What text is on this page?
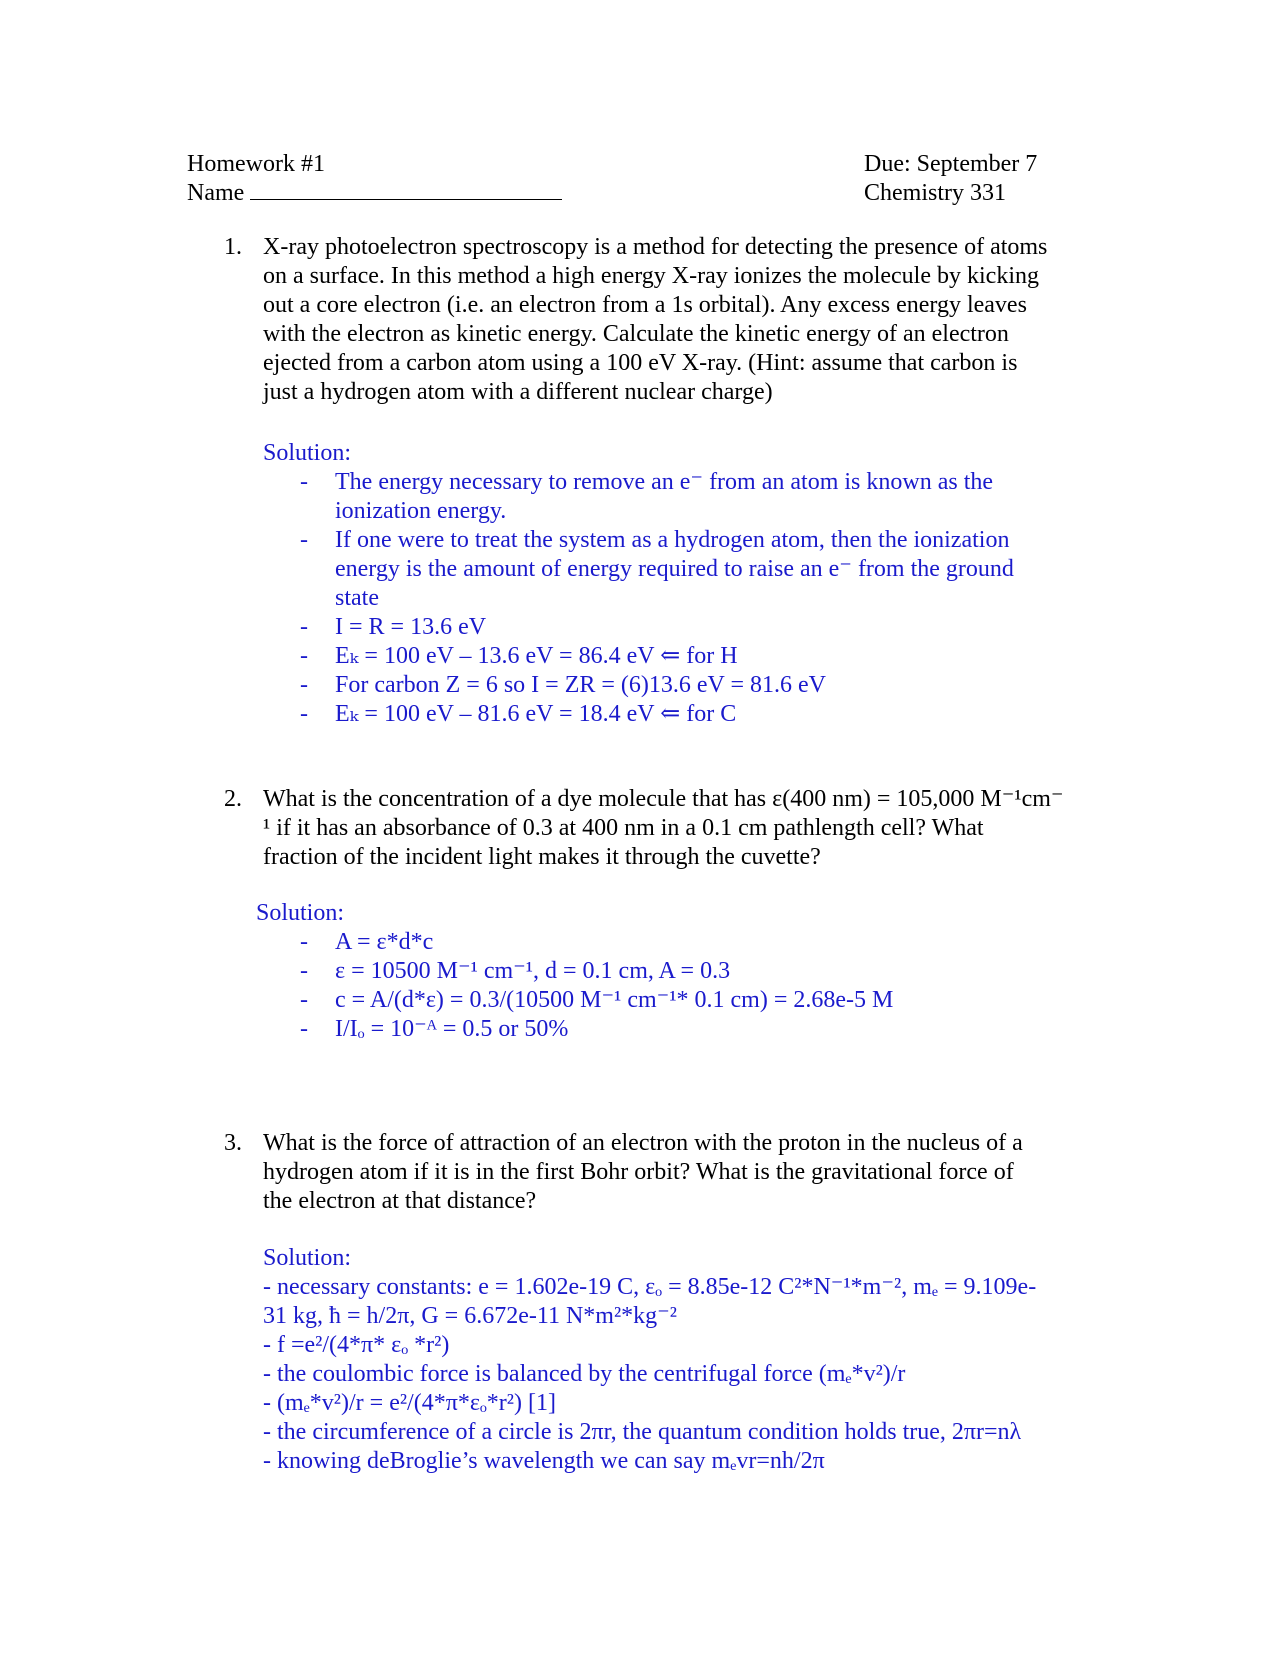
Homework #1
Name
Due: September 7
Chemistry 331
1. X-ray photoelectron spectroscopy is a method for detecting the presence of atoms
on a surface. In this method a high energy X-ray ionizes the molecule by kicking
out a core electron (i.e. an electron from a 1s orbital). Any excess energy leaves
with the electron as kinetic energy. Calculate the kinetic energy of an electron
ejected from a carbon atom using a 100 eV X-ray. (Hint: assume that carbon is
just a hydrogen atom with a different nuclear charge)
Solution:
- The energy necessary to remove an e⁻ from an atom is known as the
ionization energy.
- If one were to treat the system as a hydrogen atom, then the ionization
energy is the amount of energy required to raise an e⁻ from the ground
state
- I = R = 13.6 eV
- Eₖ = 100 eV – 13.6 eV = 86.4 eV ⇐ for H
- For carbon Z = 6 so I = ZR = (6)13.6 eV = 81.6 eV
- Eₖ = 100 eV – 81.6 eV = 18.4 eV ⇐ for C
2. What is the concentration of a dye molecule that has ε(400 nm) = 105,000 M⁻¹cm⁻
¹ if it has an absorbance of 0.3 at 400 nm in a 0.1 cm pathlength cell? What
fraction of the incident light makes it through the cuvette?
Solution:
- A = ε*d*c
- ε = 10500 M⁻¹ cm⁻¹, d = 0.1 cm, A = 0.3
- c = A/(d*ε) = 0.3/(10500 M⁻¹ cm⁻¹* 0.1 cm) = 2.68e-5 M
- I/Iₒ = 10⁻ᴬ = 0.5 or 50%
3. What is the force of attraction of an electron with the proton in the nucleus of a
hydrogen atom if it is in the first Bohr orbit? What is the gravitational force of
the electron at that distance?
Solution:
- necessary constants: e = 1.602e-19 C, εₒ = 8.85e-12 C²*N⁻¹*m⁻², mₑ = 9.109e-
31 kg, ħ = h/2π, G = 6.672e-11 N*m²*kg⁻²
- f =e²/(4*π* εₒ *r²)
- the coulombic force is balanced by the centrifugal force (mₑ*v²)/r
- (mₑ*v²)/r = e²/(4*π*εₒ*r²) [1]
- the circumference of a circle is 2πr, the quantum condition holds true, 2πr=nλ
- knowing deBroglie’s wavelength we can say mₑvr=nh/2π
